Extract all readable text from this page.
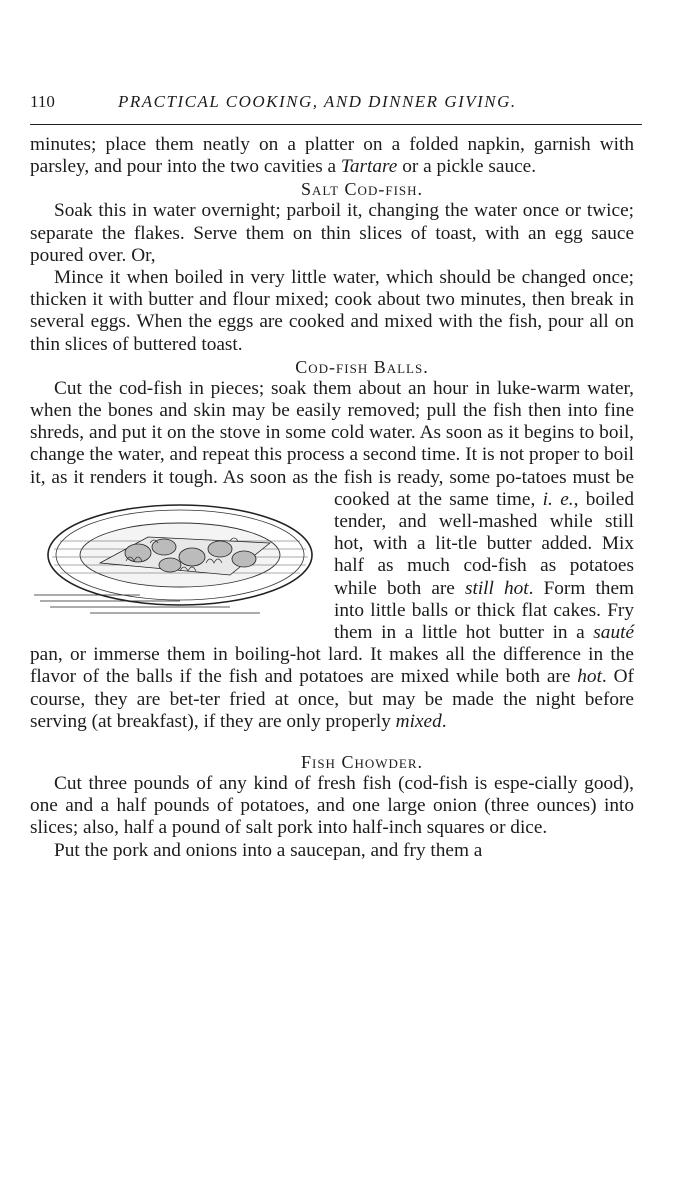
110	PRACTICAL COOKING, AND DINNER GIVING.

minutes; place them neatly on a platter on a folded napkin, garnish with parsley, and pour into the two cavities a Tartare or a pickle sauce.

Salt Cod-fish.

Soak this in water overnight; parboil it, changing the water once or twice; separate the flakes. Serve them on thin slices of toast, with an egg sauce poured over. Or,

Mince it when boiled in very little water, which should be changed once; thicken it with butter and flour mixed; cook about two minutes, then break in several eggs. When the eggs are cooked and mixed with the fish, pour all on thin slices of buttered toast.

Cod-fish Balls.

Cut the cod-fish in pieces; soak them about an hour in luke-warm water, when the bones and skin may be easily removed; pull the fish then into fine shreds, and put it on the stove in some cold water. As soon as it begins to boil, change the water, and repeat this process a second time. It is not proper to boil it, as it renders it tough. As soon as the fish is ready, some po-
tatoes must be cooked at the same time, i. e., boiled tender, and well-mashed while still hot, with a lit-tle butter added. Mix half as much cod-fish as potatoes while both are still hot. Form them into little balls or thick flat cakes. Fry them in a little hot butter in a sauté pan, or immerse them in boiling-hot lard. It makes all the difference in the flavor of the balls if the fish and potatoes are mixed while both are hot. Of course, they are bet-ter fried at once, but may be made the night before serving (at breakfast), if they are only properly mixed.

Fish Chowder.

Cut three pounds of any kind of fresh fish (cod-fish is espe-cially good), one and a half pounds of potatoes, and one large onion (three ounces) into slices; also, half a pound of salt pork into half-inch squares or dice.

Put the pork and onions into a saucepan, and fry them a
